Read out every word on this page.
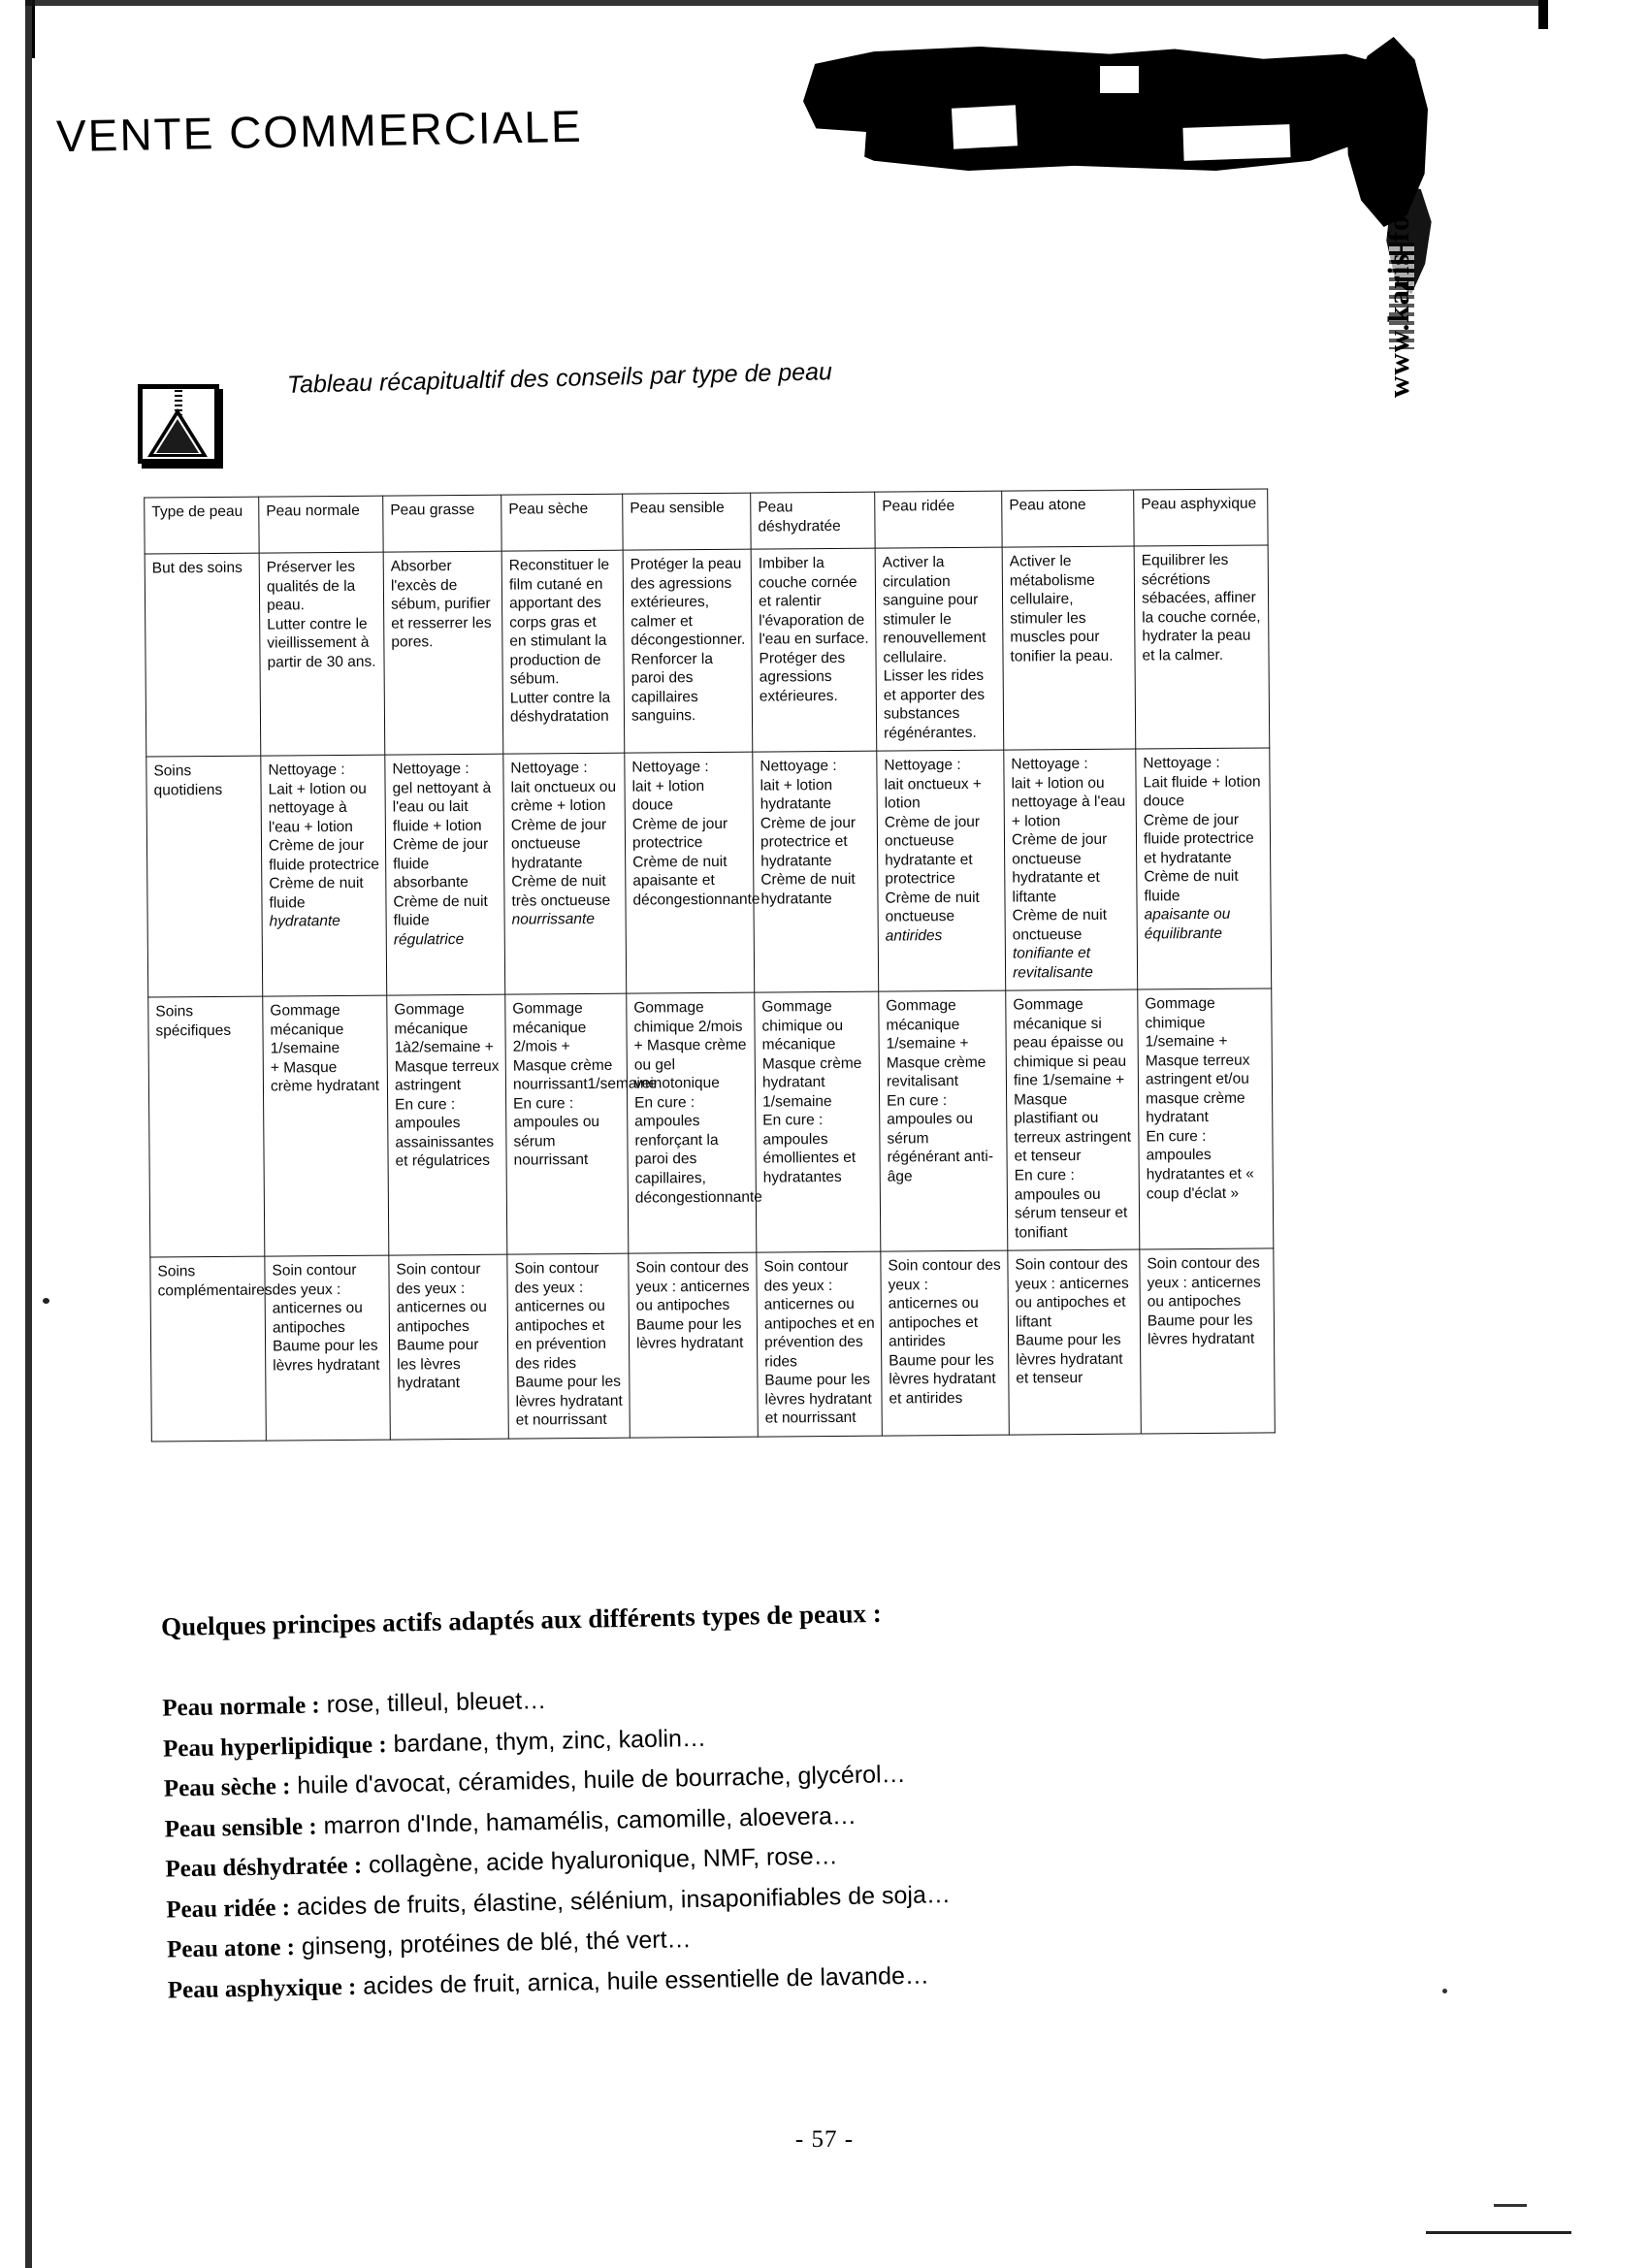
www.karis-formation
VENTE COMMERCIALE
Tableau récapitualtif des conseils par type de peau
Type de peau	Peau normale	Peau grasse	Peau sèche	Peau sensible	Peau déshydratée	Peau ridée	Peau atone	Peau asphyxique
But des soins	Préserver les qualités de la peau.
Lutter contre le vieillissement à partir de 30 ans.	Absorber l'excès de sébum, purifier et resserrer les pores.	Reconstituer le film cutané en apportant des corps gras et en stimulant la production de sébum.
Lutter contre la déshydratation	Protéger la peau des agressions extérieures, calmer et décongestionner.
Renforcer la paroi des capillaires sanguins.	Imbiber la couche cornée et ralentir l'évaporation de l'eau en surface.
Protéger des agressions extérieures.	Activer la circulation sanguine pour stimuler le renouvellement cellulaire.
Lisser les rides et apporter des substances régénérantes.	Activer le métabolisme cellulaire, stimuler les muscles pour tonifier la peau.	Equilibrer les sécrétions sébacées, affiner la couche cornée, hydrater la peau et la calmer.

Soins quotidiens	Nettoyage :
Lait + lotion ou nettoyage à l'eau + lotion
Crème de jour fluide protectrice
Crème de nuit fluide
hydratante	Nettoyage :
gel nettoyant à l'eau ou lait fluide + lotion
Crème de jour fluide absorbante
Crème de nuit fluide
régulatrice	Nettoyage :
lait onctueux ou crème + lotion
Crème de jour onctueuse hydratante
Crème de nuit très onctueuse
nourrissante	Nettoyage :
lait + lotion douce
Crème de jour protectrice
Crème de nuit apaisante et décongestionnante	Nettoyage :
lait + lotion hydratante
Crème de jour protectrice et hydratante
Crème de nuit hydratante	Nettoyage :
lait onctueux + lotion
Crème de jour onctueuse hydratante et protectrice
Crème de nuit onctueuse
antirides	Nettoyage :
lait + lotion ou nettoyage à l'eau + lotion
Crème de jour onctueuse hydratante et liftante
Crème de nuit onctueuse
tonifiante et revitalisante	Nettoyage :
Lait fluide + lotion douce
Crème de jour fluide protectrice et hydratante
Crème de nuit fluide
apaisante ou équilibrante

Soins spécifiques	Gommage mécanique 1/semaine
+ Masque crème hydratant	Gommage mécanique 1à2/semaine + Masque terreux astringent
En cure : ampoules assainissantes et régulatrices	Gommage mécanique 2/mois + Masque crème nourrissant1/semaine
En cure : ampoules ou sérum nourrissant	Gommage chimique 2/mois + Masque crème ou gel veinotonique
En cure : ampoules renforçant la paroi des capillaires, décongestionnante	Gommage chimique ou mécanique
Masque crème hydratant 1/semaine
En cure : ampoules émollientes et hydratantes	Gommage mécanique 1/semaine + Masque crème revitalisant
En cure : ampoules ou sérum régénérant anti-âge	Gommage mécanique si peau épaisse ou chimique si peau fine 1/semaine + Masque plastifiant ou terreux astringent et tenseur
En cure : ampoules ou sérum tenseur et tonifiant	Gommage chimique 1/semaine + Masque terreux astringent et/ou masque crème hydratant
En cure : ampoules hydratantes et « coup d'éclat »

Soins complémentaires	Soin contour des yeux : anticernes ou antipoches
Baume pour les lèvres hydratant	Soin contour des yeux : anticernes ou antipoches
Baume pour les lèvres hydratant	Soin contour des yeux : anticernes ou antipoches et en prévention des rides
Baume pour les lèvres hydratant et nourrissant	Soin contour des yeux : anticernes ou antipoches
Baume pour les lèvres hydratant	Soin contour des yeux : anticernes ou antipoches et en prévention des rides
Baume pour les lèvres hydratant et nourrissant	Soin contour des yeux : anticernes ou antipoches et antirides
Baume pour les lèvres hydratant et antirides	Soin contour des yeux : anticernes ou antipoches et liftant
Baume pour les lèvres hydratant et tenseur	Soin contour des yeux : anticernes ou antipoches
Baume pour les lèvres hydratant
Quelques principes actifs adaptés aux différents types de peaux :
Peau normale : rose, tilleul, bleuet…
Peau hyperlipidique : bardane, thym, zinc, kaolin…
Peau sèche : huile d'avocat, céramides, huile de bourrache, glycérol…
Peau sensible : marron d'Inde, hamamélis, camomille, aloevera…
Peau déshydratée : collagène, acide hyaluronique, NMF, rose…
Peau ridée : acides de fruits, élastine, sélénium, insaponifiables de soja…
Peau atone : ginseng, protéines de blé, thé vert…
Peau asphyxique : acides de fruit, arnica, huile essentielle de lavande…
- 57 -
